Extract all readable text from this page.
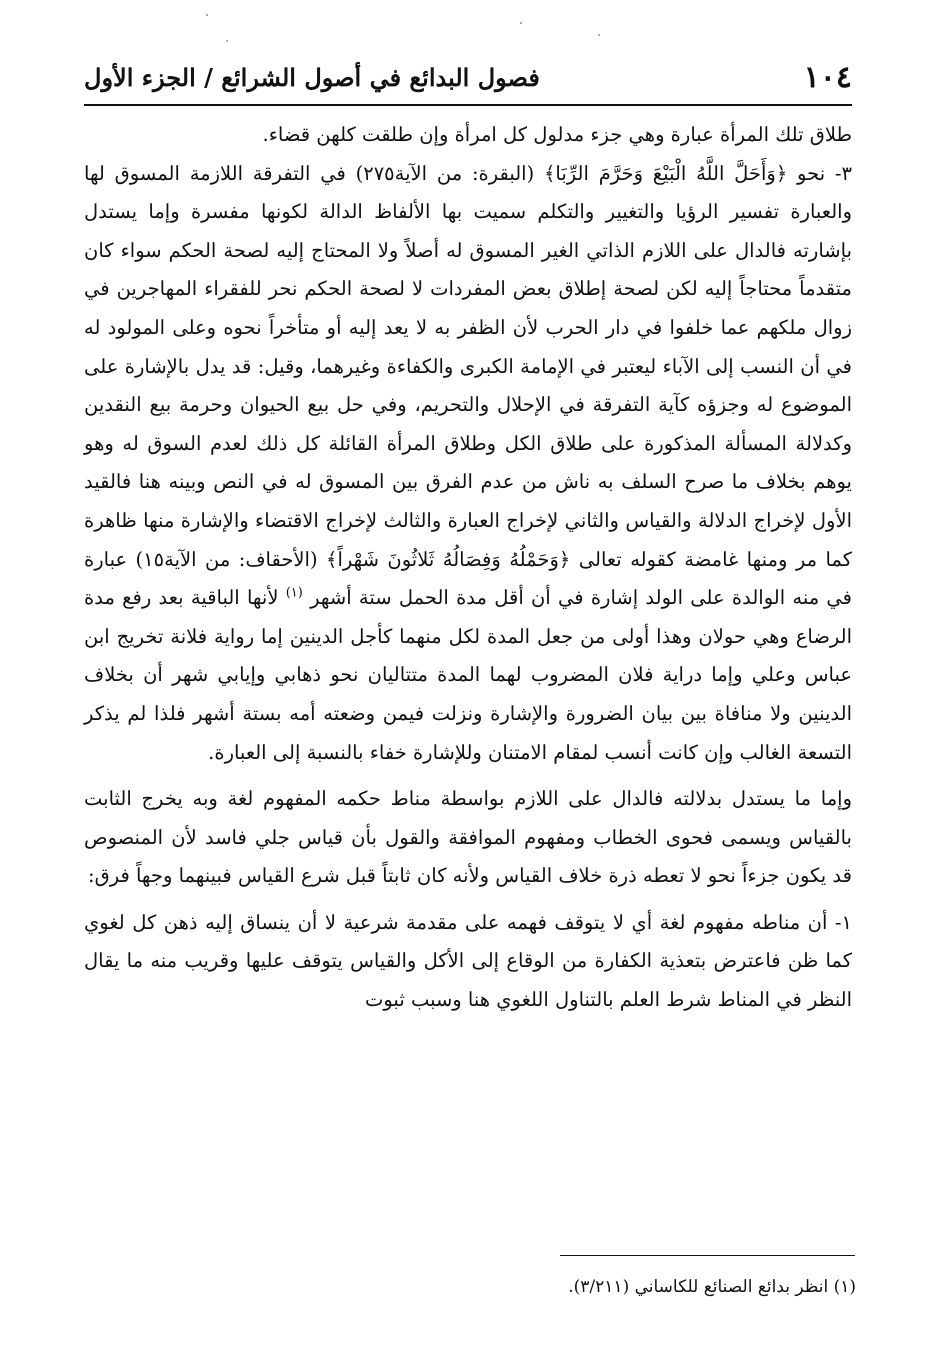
١٠٤
فصول البدائع في أصول الشرائع / الجزء الأول

طلاق تلك المرأة عبارة وهي جزء مدلول كل امرأة وإن طلقت كلهن قضاء.

٣- نحو ﴿وَأَحَلَّ اللَّهُ الْبَيْعَ وَحَرَّمَ الرِّبَا﴾ (البقرة: من الآية٢٧٥) في التفرقة اللازمة المسوق لها والعبارة تفسير الرؤيا والتغيير والتكلم سميت بها الألفاظ الدالة لكونها مفسرة وإما يستدل بإشارته فالدال على اللازم الذاتي الغير المسوق له أصلاً ولا المحتاج إليه لصحة الحكم سواء كان متقدماً محتاجاً إليه لكن لصحة إطلاق بعض المفردات لا لصحة الحكم نحر للفقراء المهاجرين في زوال ملكهم عما خلفوا في دار الحرب لأن الظفر به لا يعد إليه أو متأخراً نحوه وعلى المولود له في أن النسب إلى الآباء ليعتبر في الإمامة الكبرى والكفاءة وغيرهما، وقيل: قد يدل بالإشارة على الموضوع له وجزؤه كآية التفرقة في الإحلال والتحريم، وفي حل بيع الحيوان وحرمة بيع النقدين وكدلالة المسألة المذكورة على طلاق الكل وطلاق المرأة القائلة كل ذلك لعدم السوق له وهو يوهم بخلاف ما صرح السلف به ناش من عدم الفرق بين المسوق له في النص وبينه هنا فالقيد الأول لإخراج الدلالة والقياس والثاني لإخراج العبارة والثالث لإخراج الاقتضاء والإشارة منها ظاهرة كما مر ومنها غامضة كقوله تعالى ﴿وَحَمْلُهُ وَفِصَالُهُ ثَلاثُونَ شَهْراً﴾ (الأحقاف: من الآية١٥) عبارة في منه الوالدة على الولد إشارة في أن أقل مدة الحمل ستة أشهر $^{(١)}$ لأنها الباقية بعد رفع مدة الرضاع وهي حولان وهذا أولى من جعل المدة لكل منهما كأجل الدينين إما رواية فلانة تخريج ابن عباس وعلي وإما دراية فلان المضروب لهما المدة متتاليان نحو ذهابي وإيابي شهر أن بخلاف الدينين ولا منافاة بين بيان الضرورة والإشارة ونزلت فيمن وضعته أمه بستة أشهر فلذا لم يذكر التسعة الغالب وإن كانت أنسب لمقام الامتنان وللإشارة خفاء بالنسبة إلى العبارة.

وإما ما يستدل بدلالته فالدال على اللازم بواسطة مناط حكمه المفهوم لغة وبه يخرج الثابت بالقياس ويسمى فحوى الخطاب ومفهوم الموافقة والقول بأن قياس جلي فاسد لأن المنصوص قد يكون جزءاً نحو لا تعطه ذرة خلاف القياس ولأنه كان ثابتاً قبل شرع القياس فبينهما وجهاً فرق:

١- أن مناطه مفهوم لغة أي لا يتوقف فهمه على مقدمة شرعية لا أن ينساق إليه ذهن كل لغوي كما ظن فاعترض بتعذية الكفارة من الوقاع إلى الأكل والقياس يتوقف عليها وقريب منه ما يقال النظر في المناط شرط العلم بالتناول اللغوي هنا وسبب ثبوت

(١) انظر بدائع الصنائع للكاساني (٣/٢١١).
